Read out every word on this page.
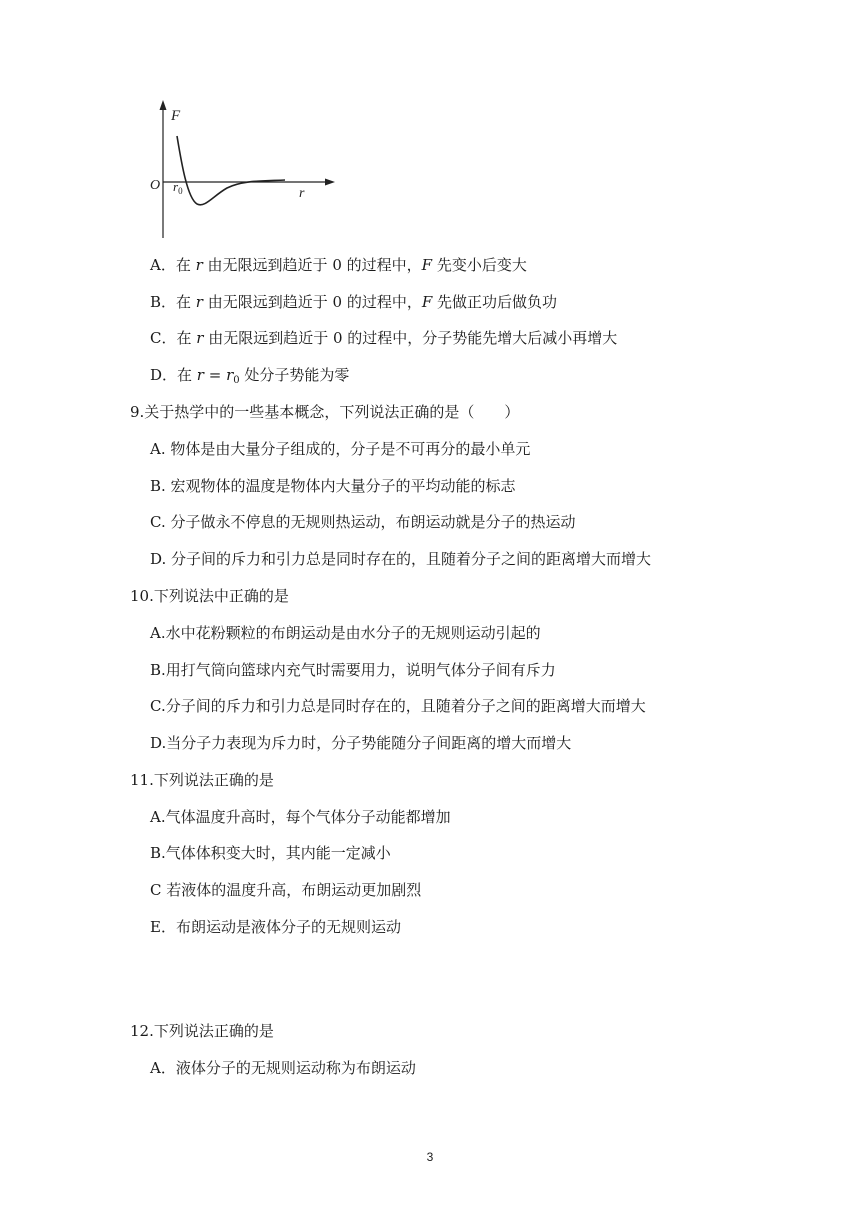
F
O $r_0$	r
A．在 r 由无限远到趋近于 0 的过程中，F 先变小后变大
B．在 r 由无限远到趋近于 0 的过程中，F 先做正功后做负功
C．在 r 由无限远到趋近于 0 的过程中，分子势能先增大后减小再增大
D．在 $r = r_0$ 处分子势能为零
9.关于热学中的一些基本概念，下列说法正确的是（　　）
A. 物体是由大量分子组成的，分子是不可再分的最小单元
B. 宏观物体的温度是物体内大量分子的平均动能的标志
C. 分子做永不停息的无规则热运动，布朗运动就是分子的热运动
D. 分子间的斥力和引力总是同时存在的，且随着分子之间的距离增大而增大
10.下列说法中正确的是
A.水中花粉颗粒的布朗运动是由水分子的无规则运动引起的
B.用打气筒向篮球内充气时需要用力，说明气体分子间有斥力
C.分子间的斥力和引力总是同时存在的，且随着分子之间的距离增大而增大
D.当分子力表现为斥力时，分子势能随分子间距离的增大而增大
11.下列说法正确的是
A.气体温度升高时，每个气体分子动能都增加
B.气体体积变大时，其内能一定减小
C 若液体的温度升高，布朗运动更加剧烈
E．布朗运动是液体分子的无规则运动
12.下列说法正确的是
A．液体分子的无规则运动称为布朗运动
3
